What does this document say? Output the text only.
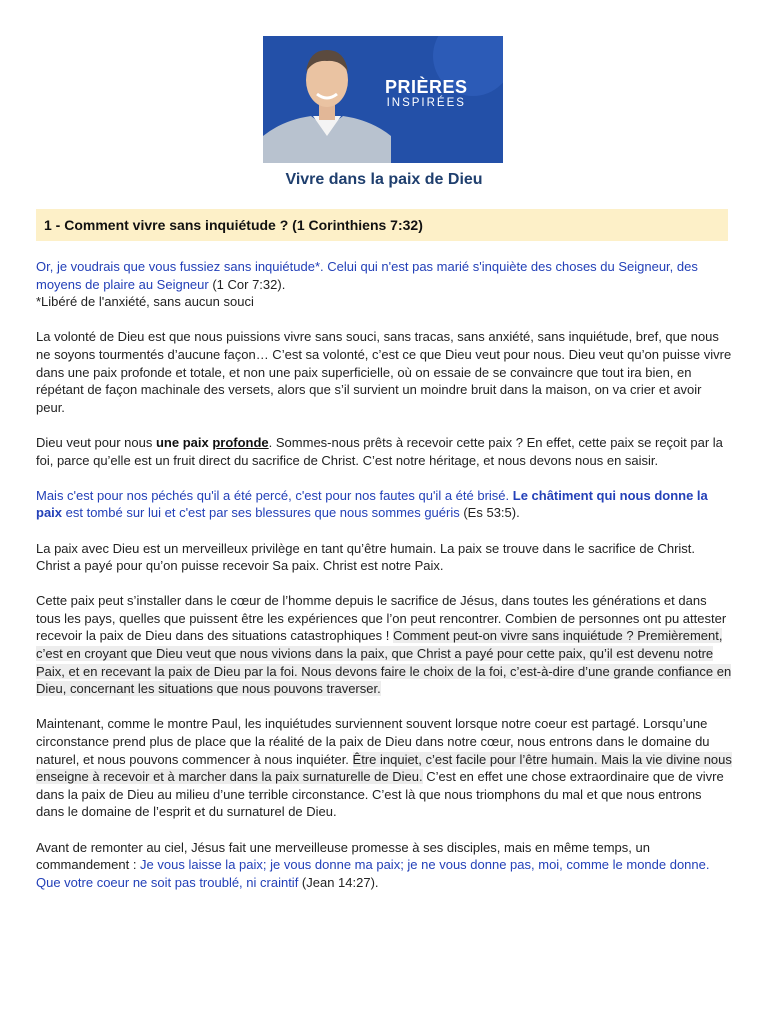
PRIÈRES
INSPIRÉES
Vivre dans la paix de Dieu
1 - Comment vivre sans inquiétude ? (1 Corinthiens 7:32)

Or, je voudrais que vous fussiez sans inquiétude*. Celui qui n'est pas marié s'inquiète des choses du Seigneur, des moyens de plaire au Seigneur (1 Cor 7:32).
*Libéré de l'anxiété, sans aucun souci

La volonté de Dieu est que nous puissions vivre sans souci, sans tracas, sans anxiété, sans inquiétude, bref, que nous ne soyons tourmentés d’aucune façon… C’est sa volonté, c’est ce que Dieu veut pour nous. Dieu veut qu’on puisse vivre dans une paix profonde et totale, et non une paix superficielle, où on essaie de se convaincre que tout ira bien, en répétant de façon machinale des versets, alors que s’il survient un moindre bruit dans la maison, on va crier et avoir peur.

Dieu veut pour nous une paix profonde. Sommes-nous prêts à recevoir cette paix ? En effet, cette paix se reçoit par la foi, parce qu’elle est un fruit direct du sacrifice de Christ. C’est notre héritage, et nous devons nous en saisir.

Mais c'est pour nos péchés qu'il a été percé, c'est pour nos fautes qu'il a été brisé. Le châtiment qui nous donne la paix est tombé sur lui et c'est par ses blessures que nous sommes guéris (Es 53:5).

La paix avec Dieu est un merveilleux privilège en tant qu’être humain. La paix se trouve dans le sacrifice de Christ. Christ a payé pour qu’on puisse recevoir Sa paix. Christ est notre Paix.

Cette paix peut s’installer dans le cœur de l’homme depuis le sacrifice de Jésus, dans toutes les générations et dans tous les pays, quelles que puissent être les expériences que l’on peut rencontrer. Combien de personnes ont pu attester recevoir la paix de Dieu dans des situations catastrophiques ! Comment peut-on vivre sans inquiétude ? Premièrement, c’est en croyant que Dieu veut que nous vivions dans la paix, que Christ a payé pour cette paix, qu’il est devenu notre Paix, et en recevant la paix de Dieu par la foi. Nous devons faire le choix de la foi, c’est-à-dire d’une grande confiance en Dieu, concernant les situations que nous pouvons traverser.

Maintenant, comme le montre Paul, les inquiétudes surviennent souvent lorsque notre coeur est partagé. Lorsqu’une circonstance prend plus de place que la réalité de la paix de Dieu dans notre cœur, nous entrons dans le domaine du naturel, et nous pouvons commencer à nous inquiéter. Être inquiet, c’est facile pour l’être humain. Mais la vie divine nous enseigne à recevoir et à marcher dans la paix surnaturelle de Dieu. C’est en effet une chose extraordinaire que de vivre dans la paix de Dieu au milieu d’une terrible circonstance. C’est là que nous triomphons du mal et que nous entrons dans le domaine de l’esprit et du surnaturel de Dieu.

Avant de remonter au ciel, Jésus fait une merveilleuse promesse à ses disciples, mais en même temps, un commandement : Je vous laisse la paix; je vous donne ma paix; je ne vous donne pas, moi, comme le monde donne. Que votre coeur ne soit pas troublé, ni craintif (Jean 14:27).
